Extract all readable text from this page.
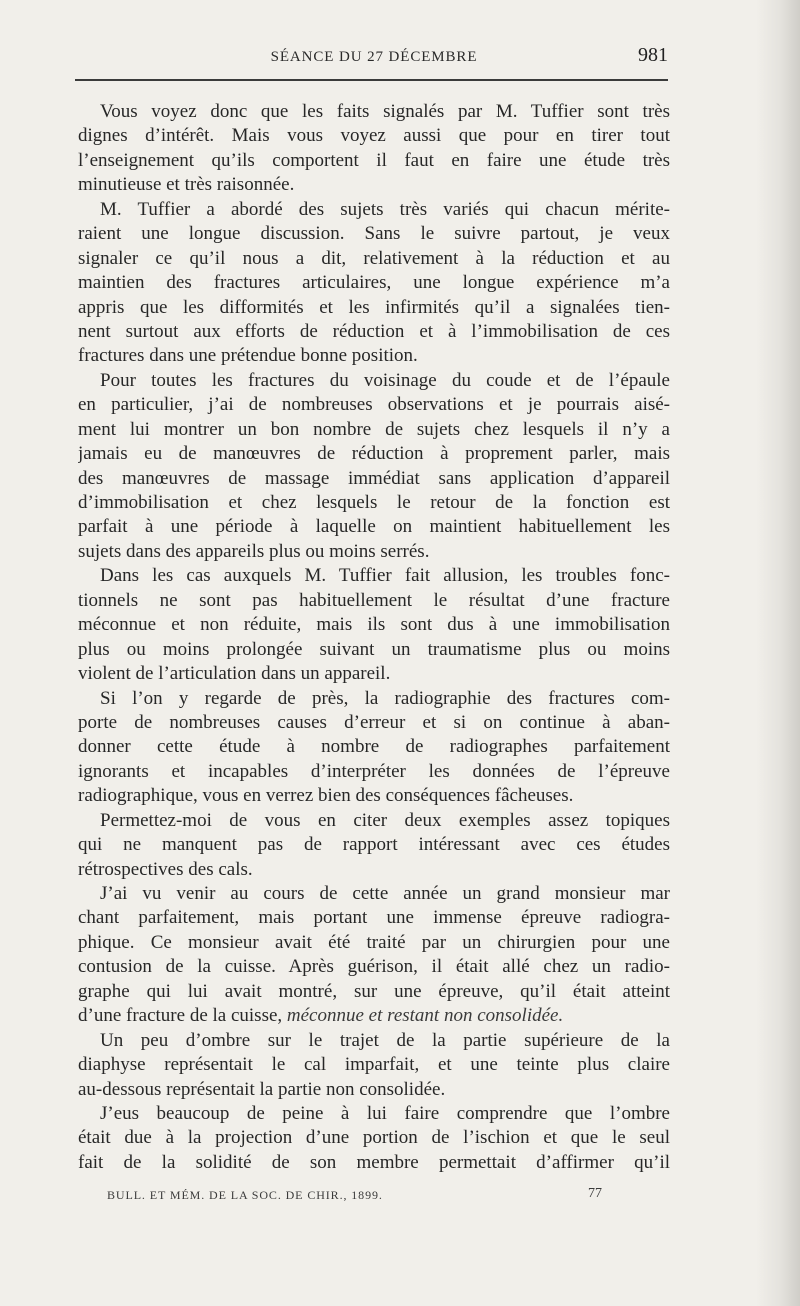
SÉANCE DU 27 DÉCEMBRE	981
Vous voyez donc que les faits signalés par M. Tuffier sont très
dignes d’intérêt. Mais vous voyez aussi que pour en tirer tout
l’enseignement qu’ils comportent il faut en faire une étude très
minutieuse et très raisonnée.
M. Tuffier a abordé des sujets très variés qui chacun mérite-
raient une longue discussion. Sans le suivre partout, je veux
signaler ce qu’il nous a dit, relativement à la réduction et au
maintien des fractures articulaires, une longue expérience m’a
appris que les difformités et les infirmités qu’il a signalées tien-
nent surtout aux efforts de réduction et à l’immobilisation de ces
fractures dans une prétendue bonne position.
Pour toutes les fractures du voisinage du coude et de l’épaule
en particulier, j’ai de nombreuses observations et je pourrais aisé-
ment lui montrer un bon nombre de sujets chez lesquels il n’y a
jamais eu de manœuvres de réduction à proprement parler, mais
des manœuvres de massage immédiat sans application d’appareil
d’immobilisation et chez lesquels le retour de la fonction est
parfait à une période à laquelle on maintient habituellement les
sujets dans des appareils plus ou moins serrés.
Dans les cas auxquels M. Tuffier fait allusion, les troubles fonc-
tionnels ne sont pas habituellement le résultat d’une fracture
méconnue et non réduite, mais ils sont dus à une immobilisation
plus ou moins prolongée suivant un traumatisme plus ou moins
violent de l’articulation dans un appareil.
Si l’on y regarde de près, la radiographie des fractures com-
porte de nombreuses causes d’erreur et si on continue à aban-
donner cette étude à nombre de radiographes parfaitement
ignorants et incapables d’interpréter les données de l’épreuve
radiographique, vous en verrez bien des conséquences fâcheuses.
Permettez-moi de vous en citer deux exemples assez topiques
qui ne manquent pas de rapport intéressant avec ces études
rétrospectives des cals.
J’ai vu venir au cours de cette année un grand monsieur mar
chant parfaitement, mais portant une immense épreuve radiogra-
phique. Ce monsieur avait été traité par un chirurgien pour une
contusion de la cuisse. Après guérison, il était allé chez un radio-
graphe qui lui avait montré, sur une épreuve, qu’il était atteint
d’une fracture de la cuisse, méconnue et restant non consolidée.
Un peu d’ombre sur le trajet de la partie supérieure de la
diaphyse représentait le cal imparfait, et une teinte plus claire
au-dessous représentait la partie non consolidée.
J’eus beaucoup de peine à lui faire comprendre que l’ombre
était due à la projection d’une portion de l’ischion et que le seul
fait de la solidité de son membre permettait d’affirmer qu’il
BULL. ET MÉM. DE LA SOC. DE CHIR., 1899.	77
